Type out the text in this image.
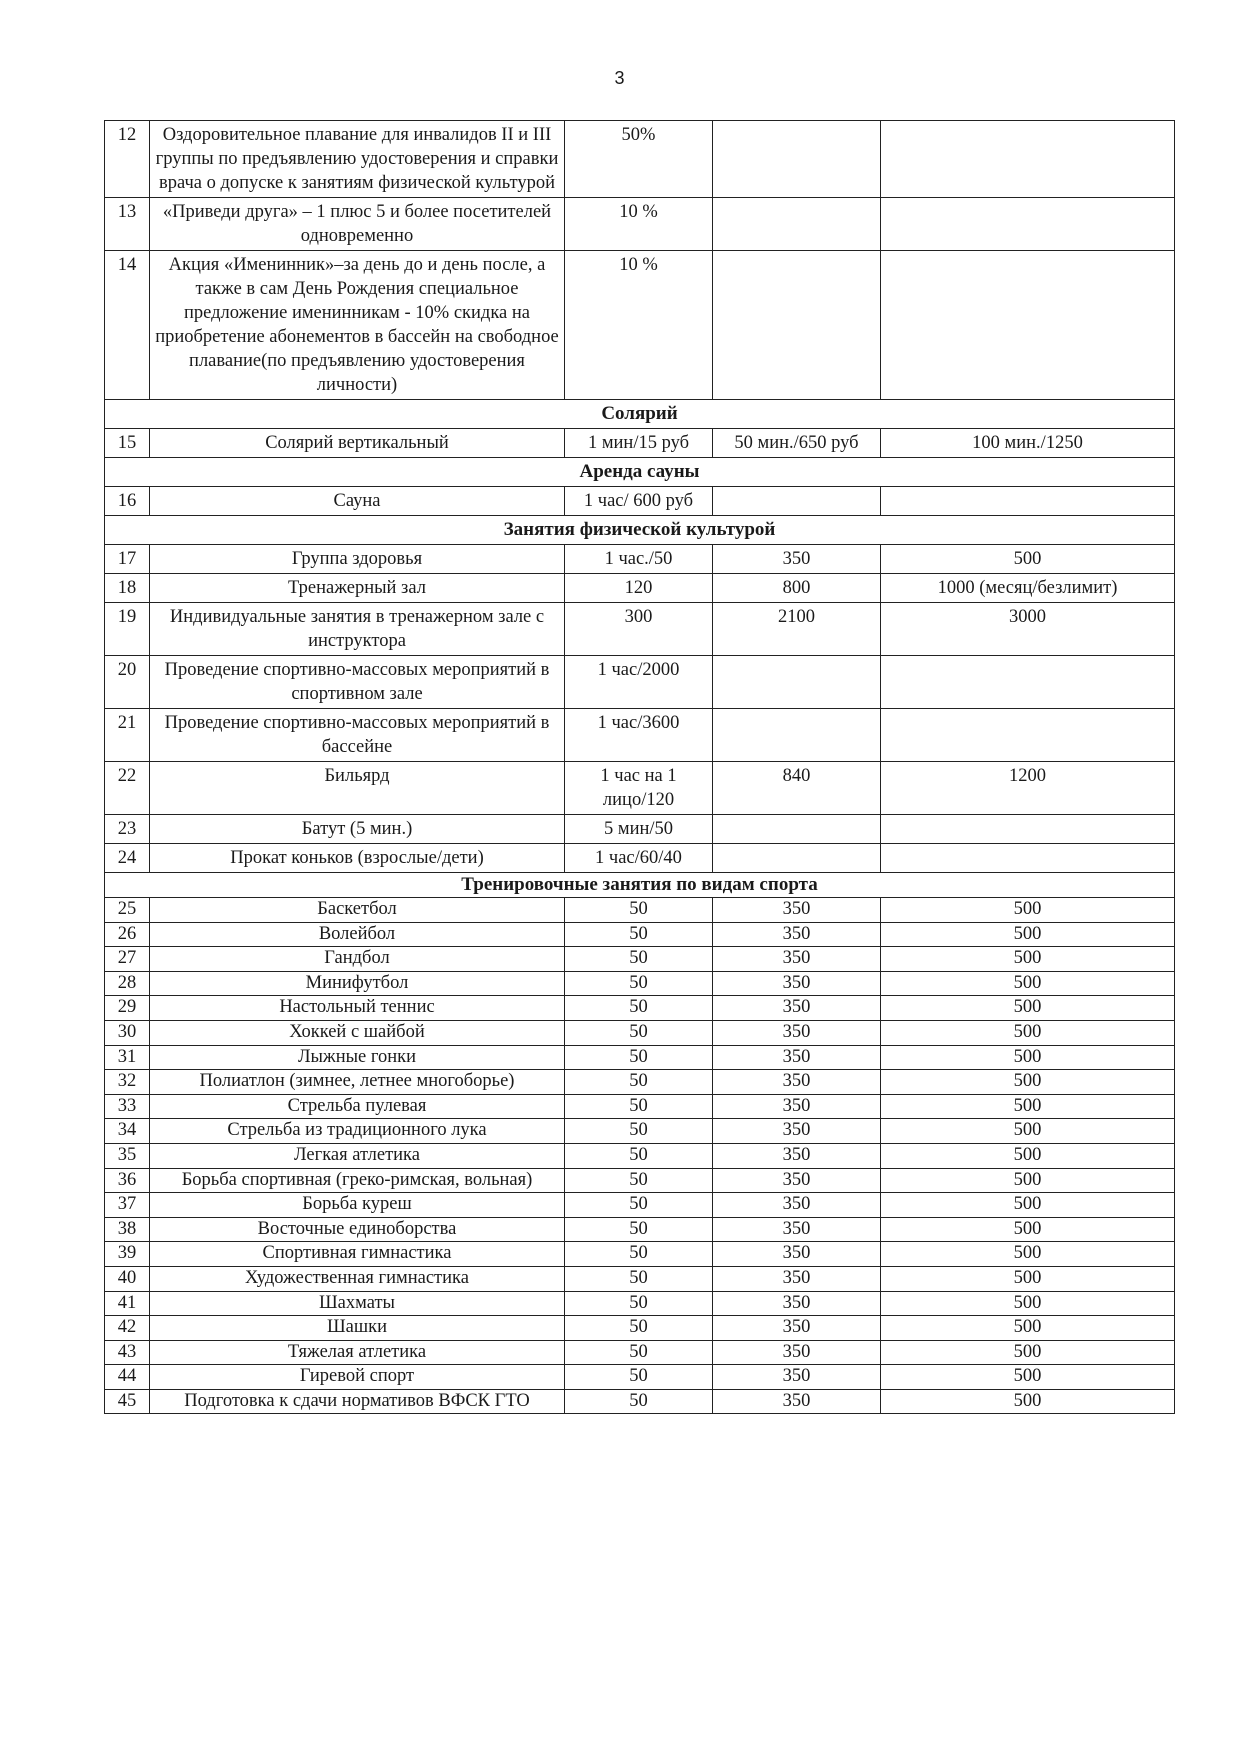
3
12	Оздоровительное плавание для инвалидов II и III группы по предъявлению удостоверения и справки врача о допуске к занятиям физической культурой	50%		
13	«Приведи друга» – 1 плюс 5 и более посетителей одновременно	10 %		
14	Акция «Именинник»–за день до и день после, а также в сам День Рождения специальное предложение именинникам - 10% скидка на приобретение абонементов в бассейн на свободное плавание(по предъявлению удостоверения личности)	10 %		
Солярий				
15	Солярий вертикальный	1 мин/15 руб	50 мин./650 руб	100 мин./1250
Аренда сауны				
16	Сауна	1 час/ 600 руб		
Занятия физической культурой				
17	Группа здоровья	1 час./50	350	500
18	Тренажерный зал	120	800	1000 (месяц/безлимит)
19	Индивидуальные занятия в тренажерном зале с инструктора	300	2100	3000
20	Проведение спортивно-массовых мероприятий в спортивном зале	1 час/2000		
21	Проведение спортивно-массовых мероприятий в бассейне	1 час/3600		
22	Бильярд	1 час на 1 лицо/120	840	1200
23	Батут (5 мин.)	5 мин/50		
24	Прокат коньков (взрослые/дети)	1 час/60/40		
Тренировочные занятия по видам спорта				
25	Баскетбол	50	350	500
26	Волейбол	50	350	500
27	Гандбол	50	350	500
28	Минифутбол	50	350	500
29	Настольный теннис	50	350	500
30	Хоккей с шайбой	50	350	500
31	Лыжные гонки	50	350	500
32	Полиатлон (зимнее, летнее многоборье)	50	350	500
33	Стрельба пулевая	50	350	500
34	Стрельба из традиционного лука	50	350	500
35	Легкая атлетика	50	350	500
36	Борьба спортивная (греко-римская, вольная)	50	350	500
37	Борьба куреш	50	350	500
38	Восточные единоборства	50	350	500
39	Спортивная гимнастика	50	350	500
40	Художественная гимнастика	50	350	500
41	Шахматы	50	350	500
42	Шашки	50	350	500
43	Тяжелая атлетика	50	350	500
44	Гиревой спорт	50	350	500
45	Подготовка к сдачи нормативов ВФСК ГТО	50	350	500
